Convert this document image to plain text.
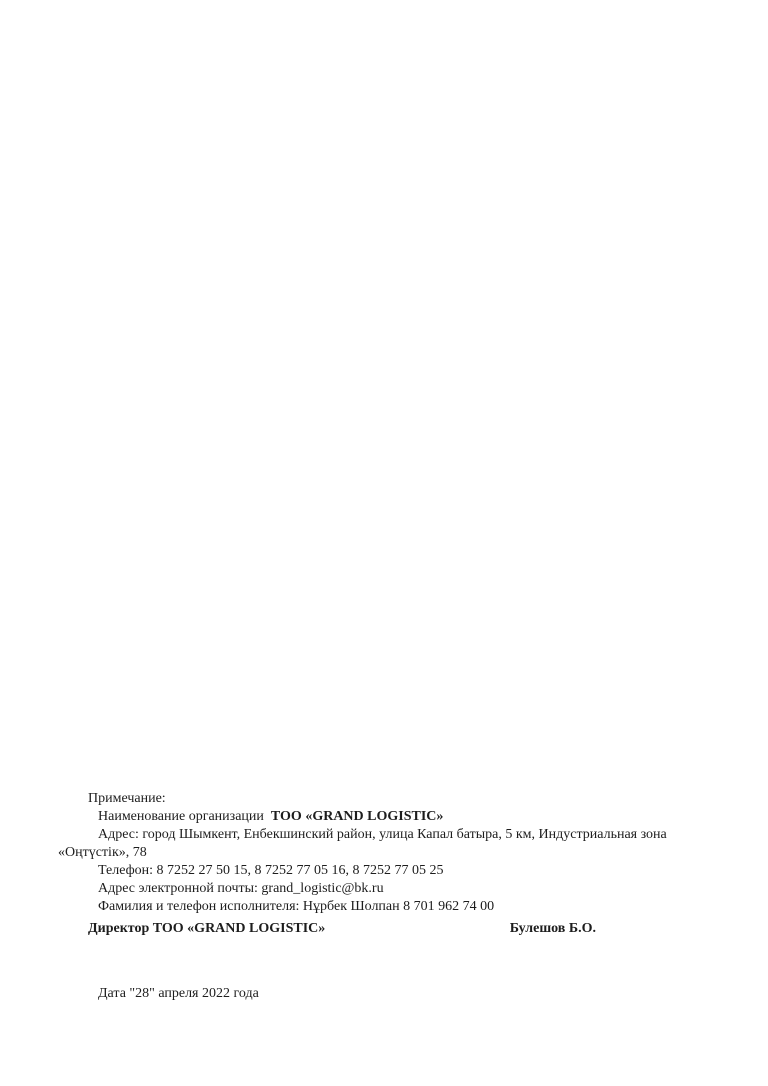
Примечание:

Наименование организации  ТОО «GRAND LOGISTIC»

Адрес: город Шымкент, Енбекшинский район, улица Капал батыра, 5 км, Индустриальная зона «Оңтүстік», 78

Телефон: 8 7252 27 50 15, 8 7252 77 05 16, 8 7252 77 05 25

Адрес электронной почты: grand_logistic@bk.ru

Фамилия и телефон исполнителя: Нұрбек Шолпан 8 701 962 74 00

Директор ТОО «GRAND LOGISTIC»	Булешов Б.О.

Дата "28" апреля 2022 года
